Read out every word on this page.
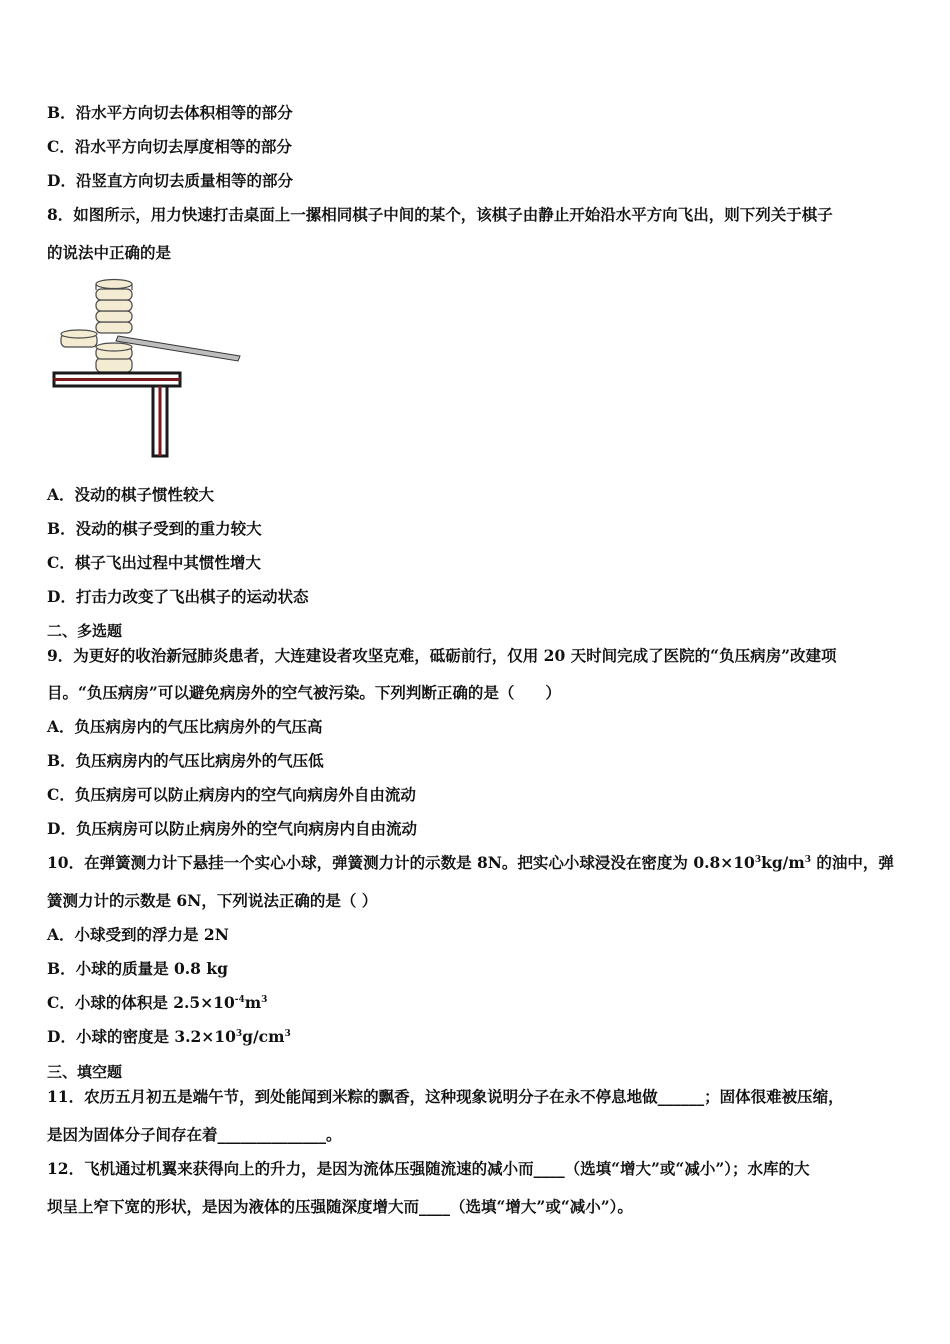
B．沿水平方向切去体积相等的部分
C．沿水平方向切去厚度相等的部分
D．沿竖直方向切去质量相等的部分
8．如图所示，用力快速打击桌面上一摞相同棋子中间的某个，该棋子由静止开始沿水平方向飞出，则下列关于棋子
的说法中正确的是
A．没动的棋子惯性较大
B．没动的棋子受到的重力较大
C．棋子飞出过程中其惯性增大
D．打击力改变了飞出棋子的运动状态
二、多选题
9．为更好的收治新冠肺炎患者，大连建设者攻坚克难，砥砺前行，仅用 20 天时间完成了医院的“负压病房”改建项
目。“负压病房”可以避免病房外的空气被污染。下列判断正确的是（　　）
A．负压病房内的气压比病房外的气压高
B．负压病房内的气压比病房外的气压低
C．负压病房可以防止病房内的空气向病房外自由流动
D．负压病房可以防止病房外的空气向病房内自由流动
10．在弹簧测力计下悬挂一个实心小球，弹簧测力计的示数是 8N。把实心小球浸没在密度为 $0.8\times 10^3kg/m^3$ 的油中，弹
簧测力计的示数是 6N，下列说法正确的是（ ）
A．小球受到的浮力是 2N
B．小球的质量是 0.8 kg
C．小球的体积是 $2.5\times 10^{-4}m^3$
D．小球的密度是 $3.2\times 10^3g/cm^3$
三、填空题
11．农历五月初五是端午节，到处能闻到米粽的飘香，这种现象说明分子在永不停息地做______；固体很难被压缩，
是因为固体分子间存在着______________。
12．飞机通过机翼来获得向上的升力，是因为流体压强随流速的减小而____（选填“增大”或“减小”）；水库的大
坝呈上窄下宽的形状，是因为液体的压强随深度增大而____（选填“增大”或“减小”）。
